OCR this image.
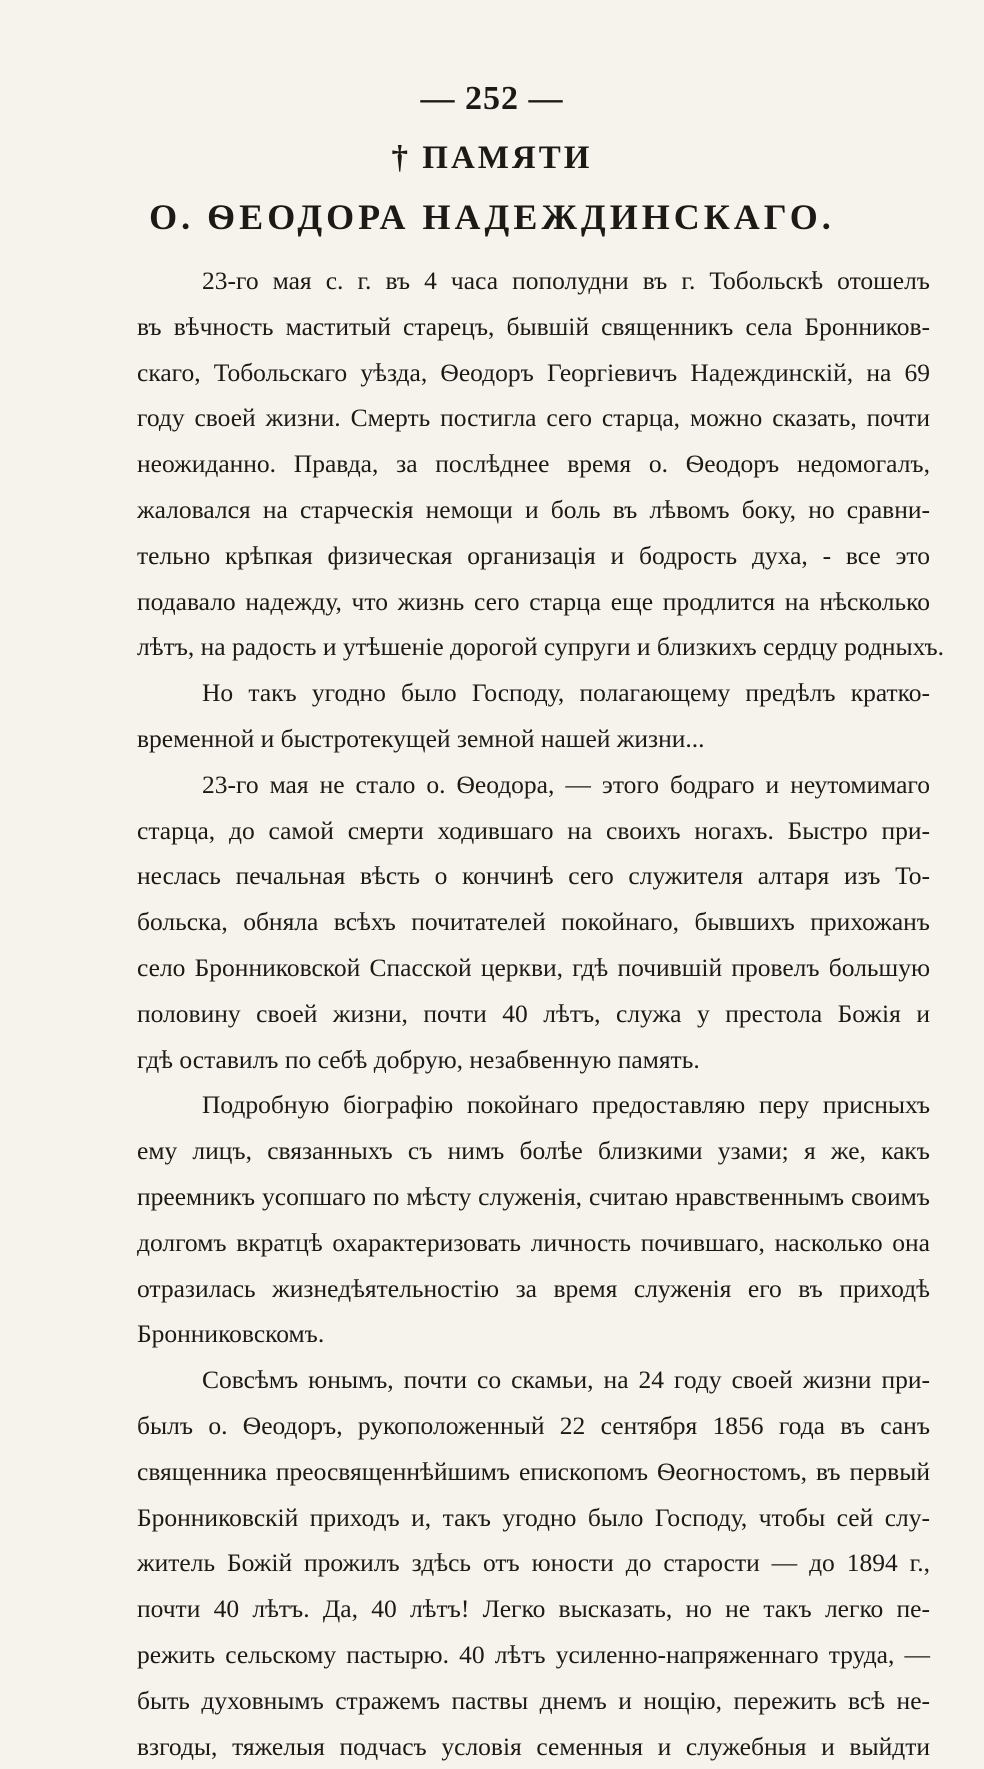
— 252 —
† ПАМЯТИ
О. ѲЕОДОРА НАДЕЖДИНСКАГО.
23-го мая с. г. въ 4 часа пополудни въ г. Тобольскѣ отошелъ
въ вѣчность маститый старецъ, бывшій священникъ села Бронников-
скаго, Тобольскаго уѣзда, Ѳеодоръ Георгіевичъ Надеждинскій, на 69
году своей жизни. Смерть постигла сего старца, можно сказать, почти
неожиданно. Правда, за послѣднее время о. Ѳеодоръ недомогалъ,
жаловался на старческія немощи и боль въ лѣвомъ боку, но сравни-
тельно крѣпкая физическая организація и бодрость духа, - все это
подавало надежду, что жизнь сего старца еще продлится на нѣсколько
лѣтъ, на радость и утѣшеніе дорогой супруги и близкихъ сердцу родныхъ.
Но такъ угодно было Господу, полагающему предѣлъ кратко-
временной и быстротекущей земной нашей жизни...
23-го мая не стало о. Ѳеодора, — этого бодраго и неутомимаго
старца, до самой смерти ходившаго на своихъ ногахъ. Быстро при-
неслась печальная вѣсть о кончинѣ сего служителя алтаря изъ То-
больска, обняла всѣхъ почитателей покойнаго, бывшихъ прихожанъ
село Бронниковской Спасской церкви, гдѣ почившій провелъ большую
половину своей жизни, почти 40 лѣтъ, служа у престола Божія и
гдѣ оставилъ по себѣ добрую, незабвенную память.
Подробную біографію покойнаго предоставляю перу присныхъ
ему лицъ, связанныхъ съ нимъ болѣе близкими узами; я же, какъ
преемникъ усопшаго по мѣсту служенія, считаю нравственнымъ своимъ
долгомъ вкратцѣ охарактеризовать личность почившаго, насколько она
отразилась жизнедѣятельностію за время служенія его въ приходѣ
Бронниковскомъ.
Совсѣмъ юнымъ, почти со скамьи, на 24 году своей жизни при-
былъ о. Ѳеодоръ, рукоположенный 22 сентября 1856 года въ санъ
священника преосвященнѣйшимъ епископомъ Ѳеогностомъ, въ первый
Бронниковскій приходъ и, такъ угодно было Господу, чтобы сей слу-
житель Божій прожилъ здѣсь отъ юности до старости — до 1894 г.,
почти 40 лѣтъ. Да, 40 лѣтъ! Легко высказать, но не такъ легко пе-
режить сельскому пастырю. 40 лѣтъ усиленно-напряженнаго труда, —
быть духовнымъ стражемъ паствы днемъ и нощію, пережить всѣ не-
взгоды, тяжелыя подчасъ условія семенныя и служебныя и выйдти
